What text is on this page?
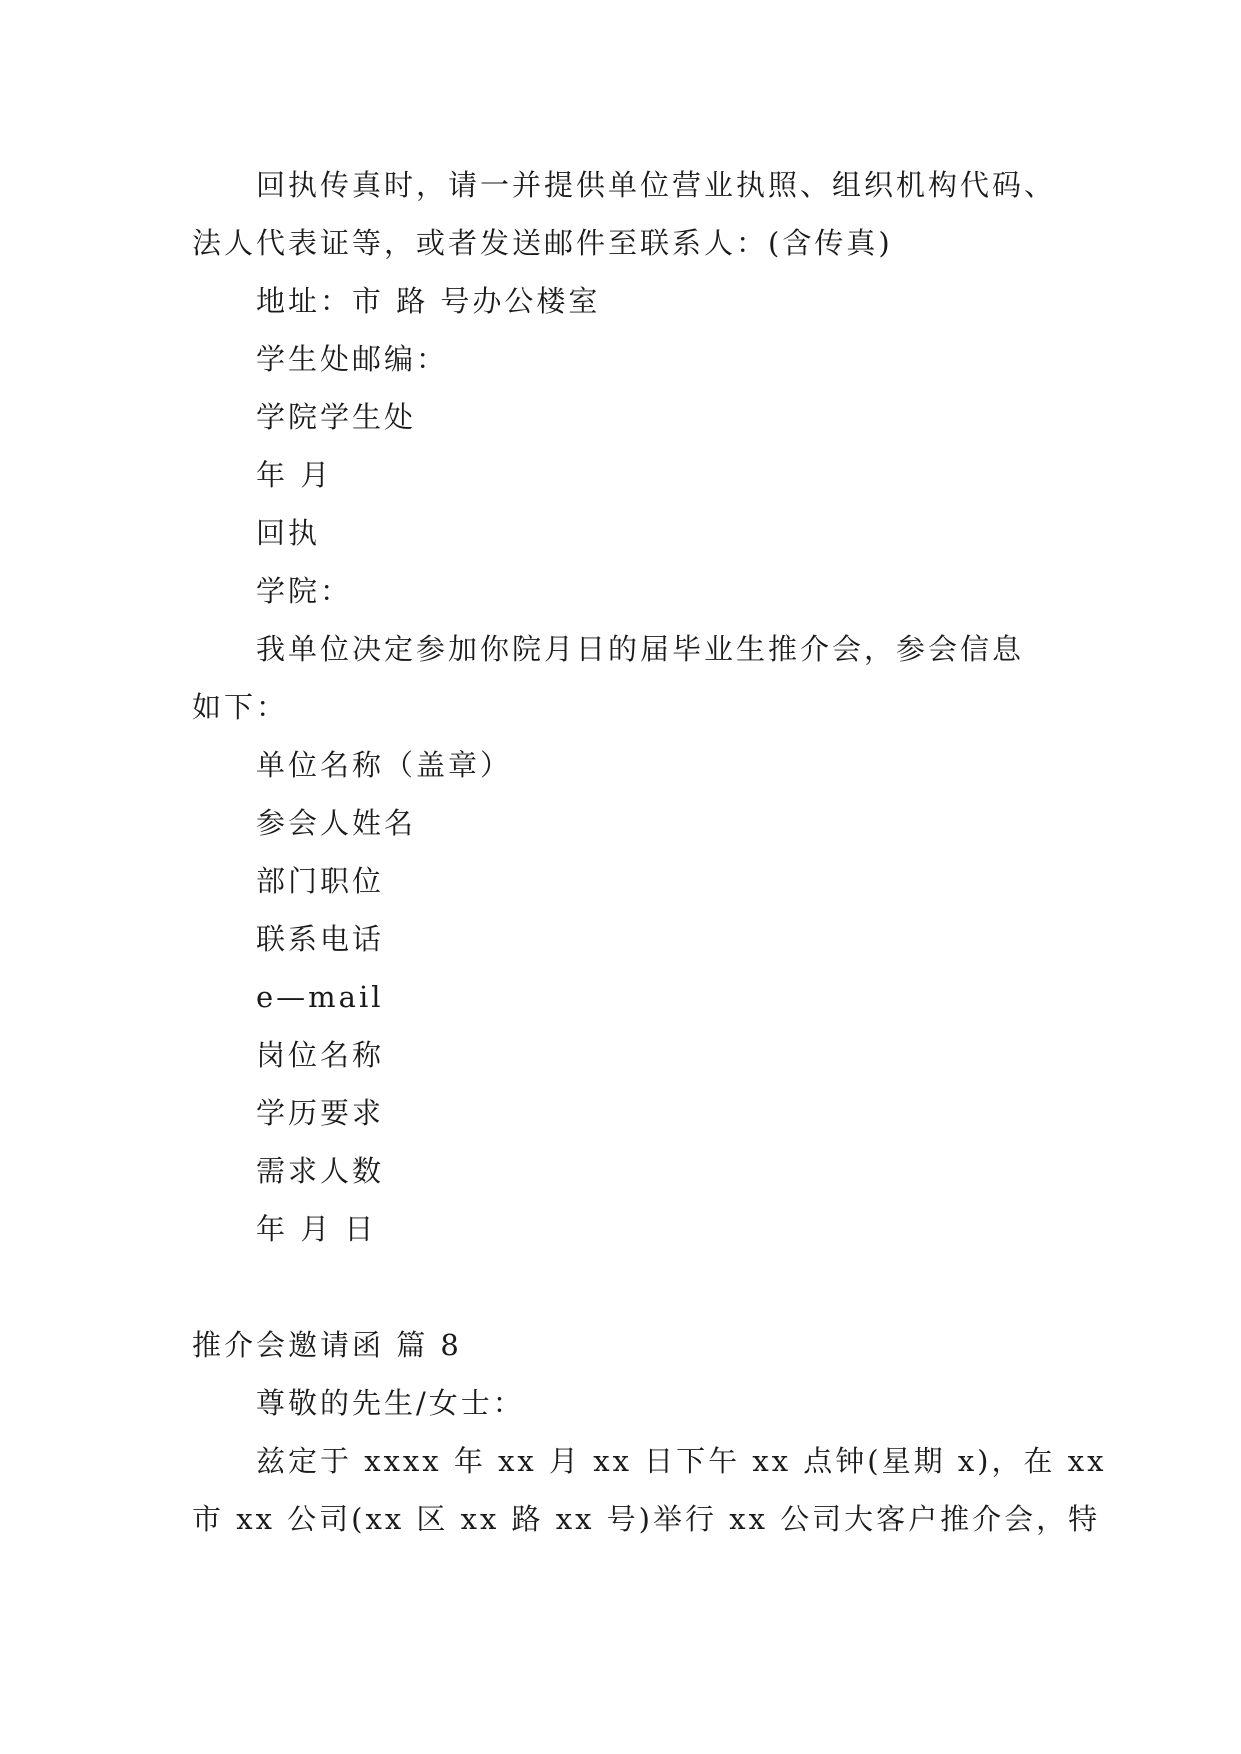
回执传真时，请一并提供单位营业执照、组织机构代码、
法人代表证等，或者发送邮件至联系人：(含传真)
地址：市 路 号办公楼室
学生处邮编：
学院学生处
年 月
回执
学院：
我单位决定参加你院月日的届毕业生推介会，参会信息
如下：
单位名称（盖章）
参会人姓名
部门职位
联系电话
e—mail
岗位名称
学历要求
需求人数
年 月 日
推介会邀请函 篇 8
尊敬的先生/女士：
兹定于 xxxx 年 xx 月 xx 日下午 xx 点钟(星期 x)，在 xx
市 xx 公司(xx 区 xx 路 xx 号)举行 xx 公司大客户推介会，特
